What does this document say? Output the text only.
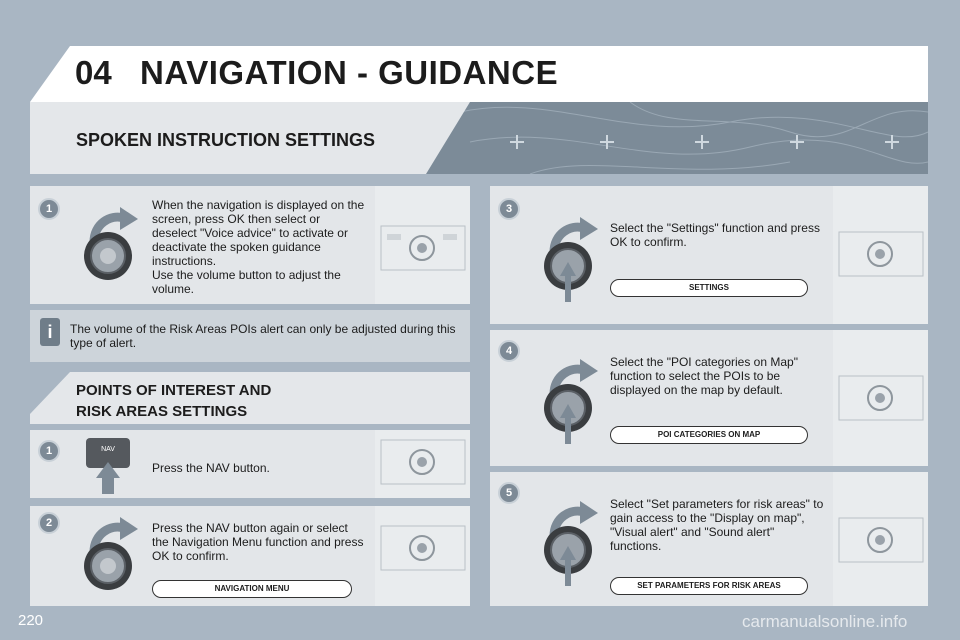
04 NAVIGATION - GUIDANCE
SPOKEN INSTRUCTION SETTINGS
1	When the navigation is displayed on the screen, press OK then select or deselect "Voice advice" to activate or deactivate the spoken guidance instructions.
Use the volume button to adjust the volume.
i	The volume of the Risk Areas POIs alert can only be adjusted during this type of alert.
POINTS OF INTEREST AND
RISK AREAS SETTINGS
1	NAV
Press the NAV button.
2	Press the NAV button again or select the Navigation Menu function and press OK to confirm.
NAVIGATION MENU
3
Select the "Settings" function and press OK to confirm.
SETTINGS
4
Select the "POI categories on Map" function to select the POIs to be displayed on the map by default.
POI CATEGORIES ON MAP
5
Select "Set parameters for risk areas" to gain access to the "Display on map", "Visual alert" and "Sound alert" functions.
SET PARAMETERS FOR RISK AREAS
220	carmanualsonline.info
